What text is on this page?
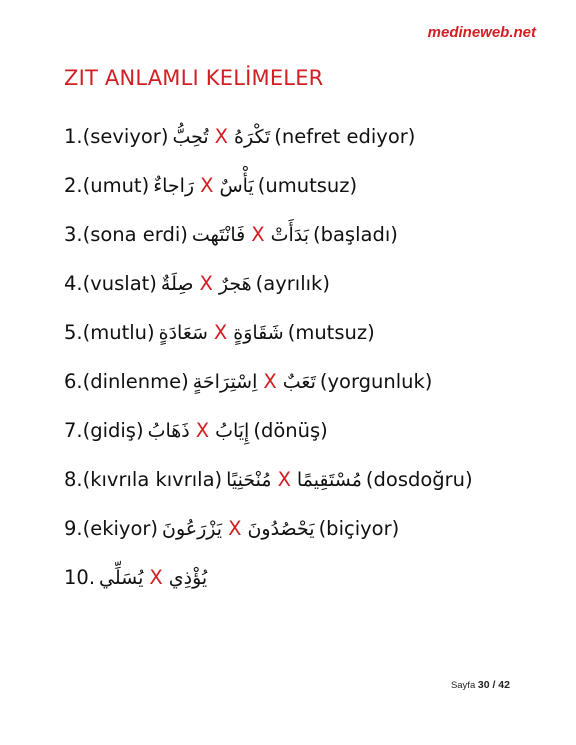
medineweb.net
ZIT ANLAMLI KELİMELER
1.(seviyor) تُحِبُّ X تَكْرَهُ (nefret ediyor)
2.(umut) رَاجاءٌ X يَأْسٌ (umutsuz)
3.(sona erdi) فَانْتَهت X بَدَأَتْ (başladı)
4.(vuslat) صِلَةٌ X هَجرٌ (ayrılık)
5.(mutlu) سَعَادَةٍ X شَقَاوَةٍ (mutsuz)
6.(dinlenme) اِسْتِرَاحَةٍ X تَعَبٌ (yorgunluk)
7.(gidiş) ذَهَابُ X إِيَابُ (dönüş)
8.(kıvrıla kıvrıla) مُنْحَنِيًا X مُسْتَقِيمًا (dosdoğru)
9.(ekiyor) يَزْرَعُونَ X يَحْصُدُونَ (biçiyor)
10. يُسَلِّي X يُؤْذِي
Sayfa 30 / 42
